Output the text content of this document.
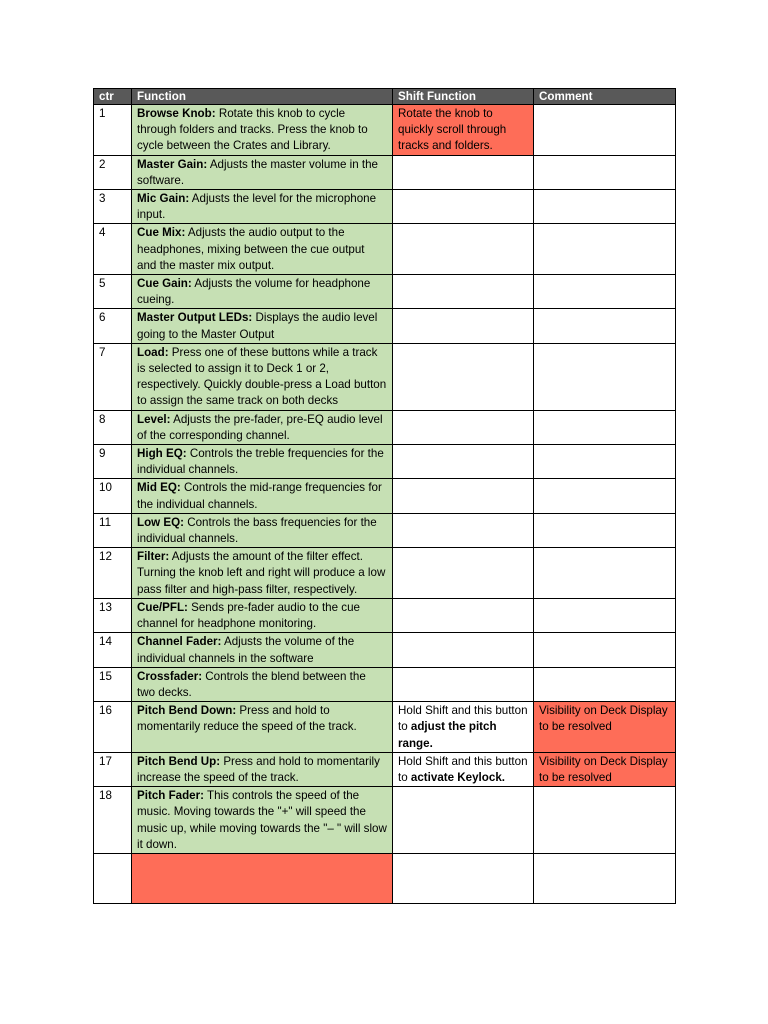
ctr	Function	Shift Function	Comment
1	Browse Knob: Rotate this knob to cycle through folders and tracks. Press the knob to cycle between the Crates and Library.	Rotate the knob to quickly scroll through tracks and folders.	
2	Master Gain: Adjusts the master volume in the software.		
3	Mic Gain: Adjusts the level for the microphone input.		
4	Cue Mix: Adjusts the audio output to the headphones, mixing between the cue output and the master mix output.		
5	Cue Gain: Adjusts the volume for headphone cueing.		
6	Master Output LEDs: Displays the audio level going to the Master Output		
7	Load: Press one of these buttons while a track is selected to assign it to Deck 1 or 2, respectively. Quickly double-press a Load button to assign the same track on both decks		
8	Level: Adjusts the pre-fader, pre-EQ audio level of the corresponding channel.		
9	High EQ: Controls the treble frequencies for the individual channels.		
10	Mid EQ: Controls the mid-range frequencies for the individual channels.		
11	Low EQ: Controls the bass frequencies for the individual channels.		
12	Filter: Adjusts the amount of the filter effect. Turning the knob left and right will produce a low pass filter and high-pass filter, respectively.		
13	Cue/PFL: Sends pre-fader audio to the cue channel for headphone monitoring.		
14	Channel Fader: Adjusts the volume of the individual channels in the software		
15	Crossfader: Controls the blend between the two decks.		
16	Pitch Bend Down: Press and hold to momentarily reduce the speed of the track.	Hold Shift and this button to adjust the pitch range.	Visibility on Deck Display to be resolved
17	Pitch Bend Up: Press and hold to momentarily increase the speed of the track.	Hold Shift and this button to activate Keylock.	Visibility on Deck Display to be resolved
18	Pitch Fader: This controls the speed of the music. Moving towards the "+" will speed the music up, while moving towards the "– " will slow it down.		
